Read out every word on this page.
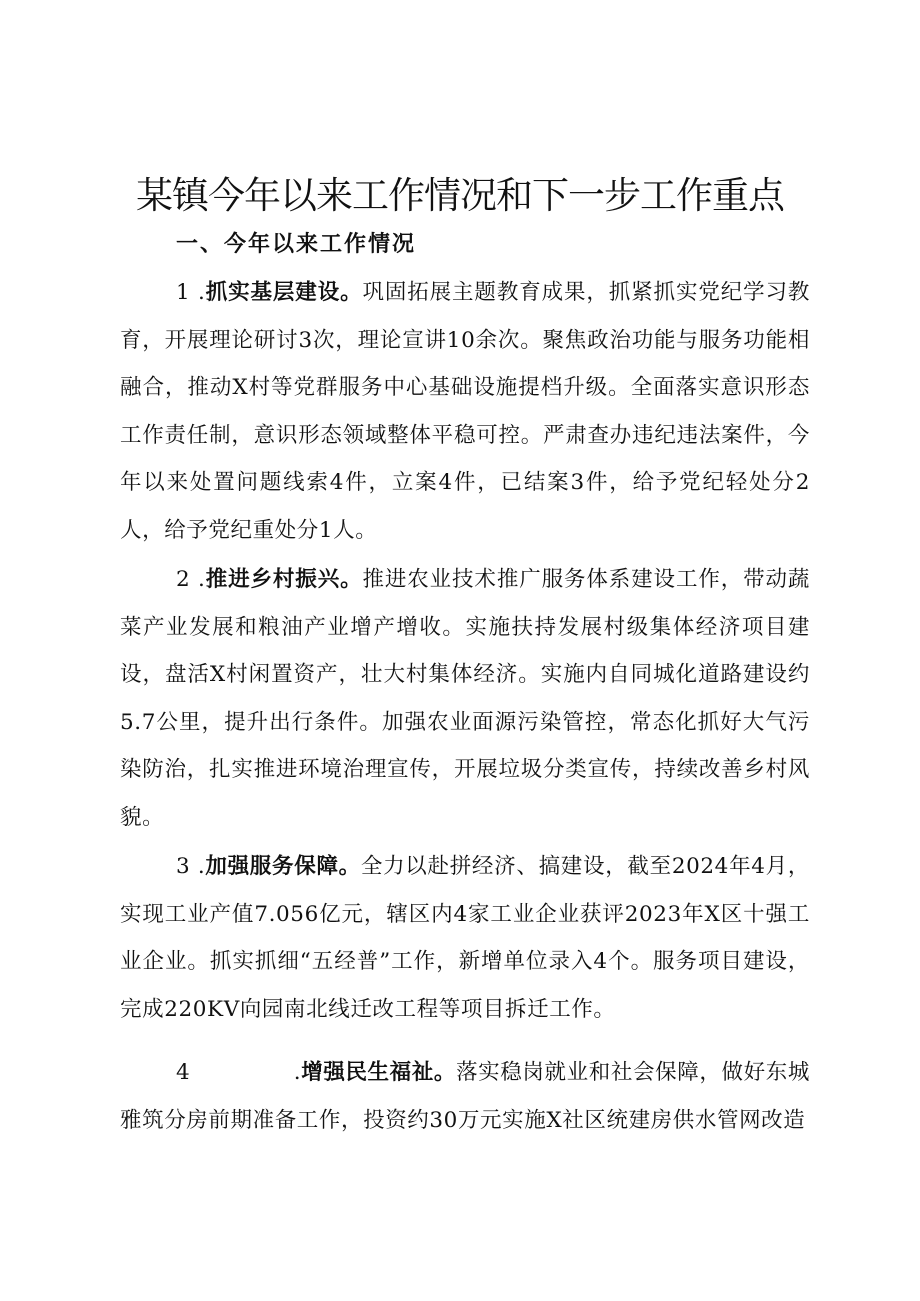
某镇今年以来工作情况和下一步工作重点
一、今年以来工作情况

1 .抓实基层建设。巩固拓展主题教育成果，抓紧抓实党纪学习教育，开展理论研讨3次，理论宣讲10余次。聚焦政治功能与服务功能相融合，推动X村等党群服务中心基础设施提档升级。全面落实意识形态工作责任制，意识形态领域整体平稳可控。严肃查办违纪违法案件，今年以来处置问题线索4件，立案4件，已结案3件，给予党纪轻处分2人，给予党纪重处分1人。

2 .推进乡村振兴。推进农业技术推广服务体系建设工作，带动蔬菜产业发展和粮油产业增产增收。实施扶持发展村级集体经济项目建设，盘活X村闲置资产，壮大村集体经济。实施内自同城化道路建设约5.7公里，提升出行条件。加强农业面源污染管控，常态化抓好大气污染防治，扎实推进环境治理宣传，开展垃圾分类宣传，持续改善乡村风貌。

3 .加强服务保障。全力以赴拼经济、搞建设，截至2024年4月，实现工业产值7.056亿元，辖区内4家工业企业获评2023年X区十强工业企业。抓实抓细“五经普”工作，新增单位录入4个。服务项目建设，完成220KV向园南北线迁改工程等项目拆迁工作。

4	.增强民生福祉。落实稳岗就业和社会保障，做好东城雅筑分房前期准备工作，投资约30万元实施X社区统建房供水管网改造
